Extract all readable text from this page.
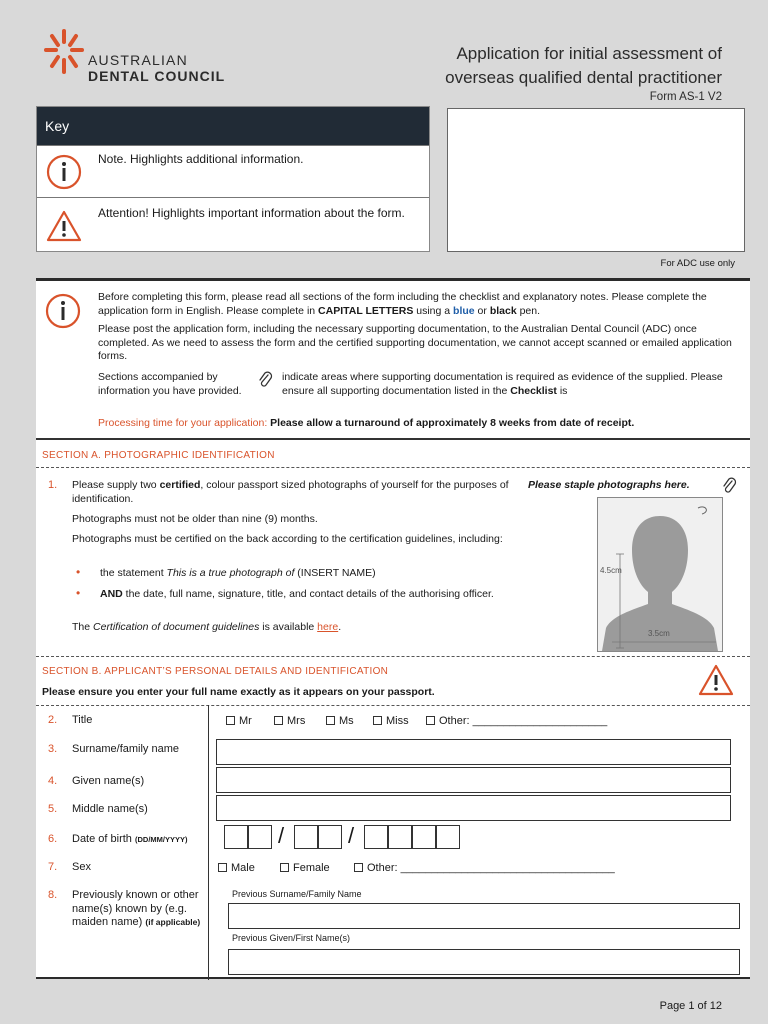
AUSTRALIAN
DENTAL COUNCIL
Application for initial assessment of
overseas qualified dental practitioner
Form AS-1 V2
Key
Note. Highlights additional information.
Attention! Highlights important information about the form.
For ADC use only
Before completing this form, please read all sections of the form including the checklist and explanatory notes. Please complete the application form in English. Please complete in CAPITAL LETTERS using a blue or black pen.
Please post the application form, including the necessary supporting documentation, to the Australian Dental Council (ADC) once completed. As we need to assess the form and the certified supporting documentation, we cannot accept scanned or emailed application forms.
Sections accompanied by information you have provided.
indicate areas where supporting documentation is required as evidence of the supplied. Please ensure all supporting documentation listed in the Checklist is
Processing time for your application: Please allow a turnaround of approximately 8 weeks from date of receipt.
SECTION A. PHOTOGRAPHIC IDENTIFICATION
1. Please supply two certified, colour passport sized photographs of yourself for the purposes of identification.
Photographs must not be older than nine (9) months.
Photographs must be certified on the back according to the certification guidelines, including:
• the statement This is a true photograph of (INSERT NAME)
• AND the date, full name, signature, title, and contact details of the authorising officer.
The Certification of document guidelines is available here.
Please staple photographs here.
4.5cm
3.5cm
SECTION B. APPLICANT’S PERSONAL DETAILS AND IDENTIFICATION
Please ensure you enter your full name exactly as it appears on your passport.
2. Title	Mr	Mrs	Ms	Miss	Other: ______________________
3. Surname/family name
4. Given name(s)
5. Middle name(s)
6. Date of birth (DD/MM/YYYY)	/	/
7. Sex	Male	Female	Other: ___________________________________
8. Previously known or other name(s) known by (e.g. maiden name) (if applicable)
Previous Surname/Family Name
Previous Given/First Name(s)
Page 1 of 12
